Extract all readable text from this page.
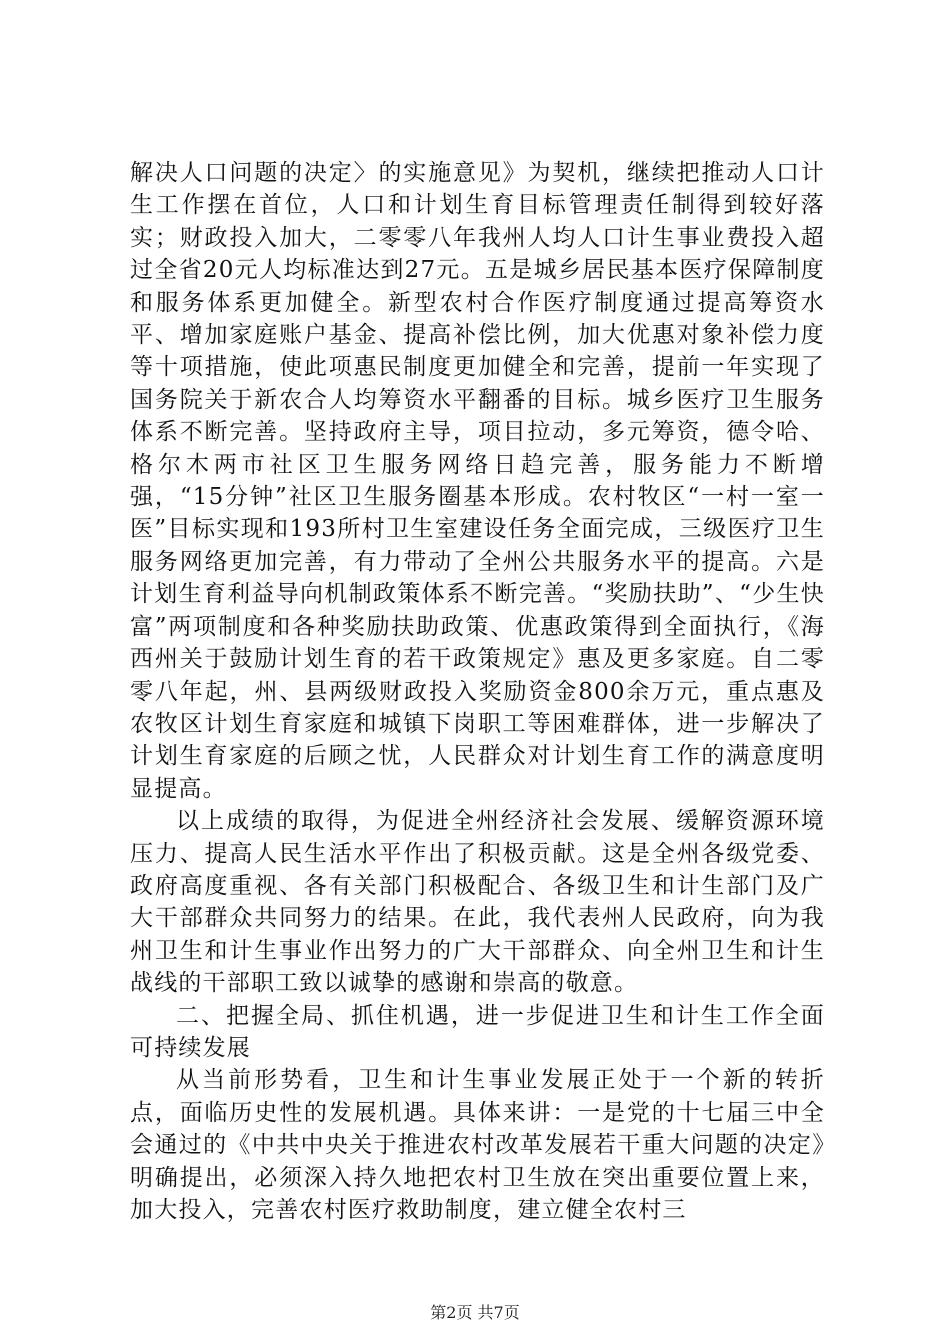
解决人口问题的决定〉的实施意见》为契机，继续把推动人口计生工作摆在首位，人口和计划生育目标管理责任制得到较好落实；财政投入加大，二零零八年我州人均人口计生事业费投入超过全省20元人均标准达到27元。五是城乡居民基本医疗保障制度和服务体系更加健全。新型农村合作医疗制度通过提高筹资水平、增加家庭账户基金、提高补偿比例，加大优惠对象补偿力度等十项措施，使此项惠民制度更加健全和完善，提前一年实现了国务院关于新农合人均筹资水平翻番的目标。城乡医疗卫生服务体系不断完善。坚持政府主导，项目拉动，多元筹资，德令哈、格尔木两市社区卫生服务网络日趋完善，服务能力不断增强，“15分钟”社区卫生服务圈基本形成。农村牧区“一村一室一医”目标实现和193所村卫生室建设任务全面完成，三级医疗卫生服务网络更加完善，有力带动了全州公共服务水平的提高。六是计划生育利益导向机制政策体系不断完善。“奖励扶助”、“少生快富”两项制度和各种奖励扶助政策、优惠政策得到全面执行，《海西州关于鼓励计划生育的若干政策规定》惠及更多家庭。自二零零八年起，州、县两级财政投入奖励资金800余万元，重点惠及农牧区计划生育家庭和城镇下岗职工等困难群体，进一步解决了计划生育家庭的后顾之忧，人民群众对计划生育工作的满意度明显提高。

以上成绩的取得，为促进全州经济社会发展、缓解资源环境压力、提高人民生活水平作出了积极贡献。这是全州各级党委、政府高度重视、各有关部门积极配合、各级卫生和计生部门及广大干部群众共同努力的结果。在此，我代表州人民政府，向为我州卫生和计生事业作出努力的广大干部群众、向全州卫生和计生战线的干部职工致以诚挚的感谢和崇高的敬意。

二、把握全局、抓住机遇，进一步促进卫生和计生工作全面可持续发展

从当前形势看，卫生和计生事业发展正处于一个新的转折点，面临历史性的发展机遇。具体来讲：一是党的十七届三中全会通过的《中共中央关于推进农村改革发展若干重大问题的决定》明确提出，必须深入持久地把农村卫生放在突出重要位置上来，加大投入，完善农村医疗救助制度，建立健全农村三

第2页 共7页
